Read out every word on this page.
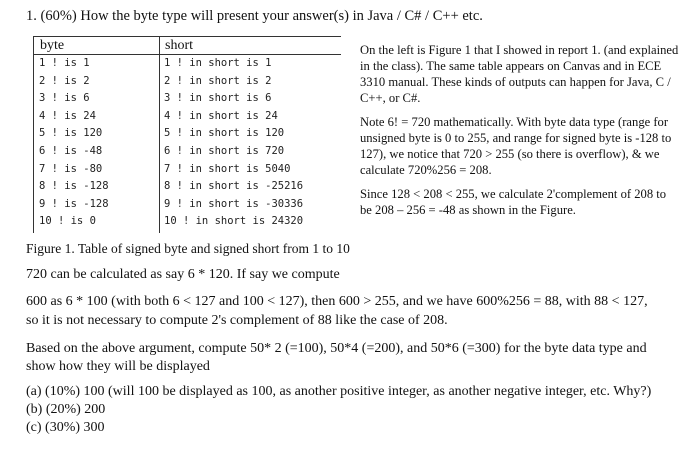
1. (60%) How the byte type will present your answer(s) in Java / C# / C++ etc.
byte
1 ! is 1
2 ! is 2
3 ! is 6
4 ! is 24
5 ! is 120
6 ! is -48
7 ! is -80
8 ! is -128
9 ! is -128
10 ! is 0
short
1 ! in short is 1
2 ! in short is 2
3 ! in short is 6
4 ! in short is 24
5 ! in short is 120
6 ! in short is 720
7 ! in short is 5040
8 ! in short is -25216
9 ! in short is -30336
10 ! in short is 24320

On the left is Figure 1 that I showed in report 1. (and explained in the class). The same table appears on Canvas and in ECE 3310 manual. These kinds of outputs can happen for Java, C / C++, or C#.

Note 6! = 720 mathematically. With byte data type (range for unsigned byte is 0 to 255, and range for signed byte is -128 to 127), we notice that 720 > 255 (so there is overflow), & we calculate 720%256 = 208.

Since 128 < 208 < 255, we calculate 2'complement of 208 to be 208 – 256 = -48 as shown in the Figure.

Figure 1. Table of signed byte and signed short from 1 to 10
720 can be calculated as say 6 * 120. If say we compute
600 as 6 * 100 (with both 6 < 127 and 100 < 127), then 600 > 255, and we have 600%256 = 88, with 88 < 127,
so it is not necessary to compute 2's complement of 88 like the case of 208.
Based on the above argument, compute 50* 2 (=100), 50*4 (=200), and 50*6 (=300) for the byte data type and
show how they will be displayed
(a) (10%) 100 (will 100 be displayed as 100, as another positive integer, as another negative integer, etc. Why?)
(b) (20%) 200
(c) (30%) 300
